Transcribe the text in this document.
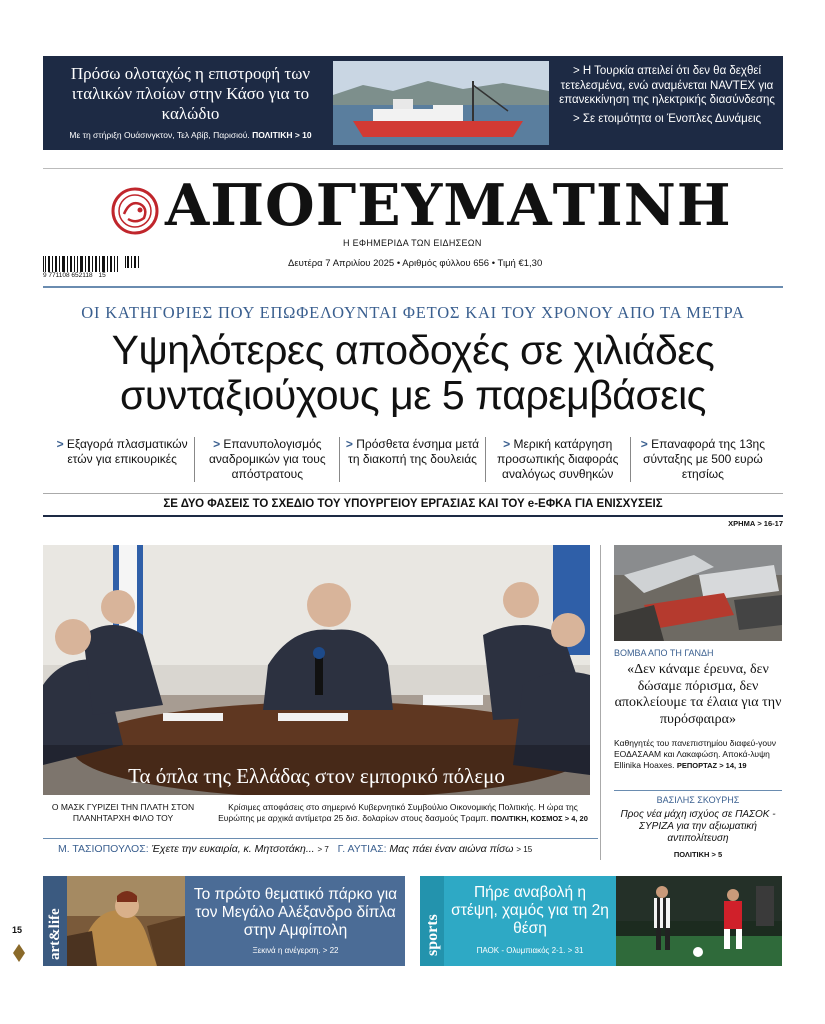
Πρόσω ολοταχώς η επιστροφή των ιταλικών πλοίων στην Κάσο για το καλώδιο
Με τη στήριξη Ουάσινγκτον, Τελ Αβίβ, Παρισιού. ΠΟΛΙΤΙΚΗ > 10
> Η Τουρκία απειλεί ότι δεν θα δεχθεί τετελεσμένα, ενώ αναμένεται NAVTEX για επανεκκίνηση της ηλεκτρικής διασύνδεσης
> Σε ετοιμότητα οι Ένοπλες Δυνάμεις
ΑΠΟΓΕΥΜΑΤΙΝΗ
Η ΕΦΗΜΕΡΙΔΑ ΤΩΝ ΕΙΔΗΣΕΩΝ
9 771108 652118 15
Δευτέρα 7 Απριλίου 2025 • Αριθμός φύλλου 656 • Τιμή €1,30
ΟΙ ΚΑΤΗΓΟΡΙΕΣ ΠΟΥ ΕΠΩΦΕΛΟΥΝΤΑΙ ΦΕΤΟΣ ΚΑΙ ΤΟΥ ΧΡΟΝΟΥ ΑΠΟ ΤΑ ΜΕΤΡΑ
Υψηλότερες αποδοχές σε χιλιάδες
συνταξιούχους με 5 παρεμβάσεις
> Εξαγορά πλασματικών ετών για επικουρικές
> Επανυπολογισμός αναδρομικών για τους απόστρατους
> Πρόσθετα ένσημα μετά τη διακοπή της δουλειάς
> Μερική κατάργηση προσωπικής διαφοράς αναλόγως συνθηκών
> Επαναφορά της 13ης σύνταξης με 500 ευρώ ετησίως
ΣΕ ΔΥΟ ΦΑΣΕΙΣ ΤΟ ΣΧΕΔΙΟ ΤΟΥ ΥΠΟΥΡΓΕΙΟΥ ΕΡΓΑΣΙΑΣ ΚΑΙ ΤΟΥ e-ΕΦΚΑ ΓΙΑ ΕΝΙΣΧΥΣΕΙΣ
ΧΡΗΜΑ > 16-17
Τα όπλα της Ελλάδας στον εμπορικό πόλεμο
Ο ΜΑΣΚ ΓΥΡΙΖΕΙ ΤΗΝ ΠΛΑΤΗ ΣΤΟΝ ΠΛΑΝΗΤΑΡΧΗ ΦΙΛΟ ΤΟΥ
Κρίσιμες αποφάσεις στο σημερινό Κυβερνητικό Συμβούλιο Οικονομικής Πολιτικής. Η ώρα της Ευρώπης με αρχικά αντίμετρα 25 δισ. δολαρίων στους δασμούς Τραμπ. ΠΟΛΙΤΙΚΗ, ΚΟΣΜΟΣ > 4, 20
Μ. ΤΑΣΙΟΠΟΥΛΟΣ: Έχετε την ευκαιρία, κ. Μητσοτάκη... > 7 Γ. ΑΥΤΙΑΣ: Μας πάει έναν αιώνα πίσω > 15
ΒΟΜΒΑ ΑΠΟ ΤΗ ΓΑΝΔΗ
«Δεν κάναμε έρευνα, δεν δώσαμε πόρισμα, δεν αποκλείουμε τα έλαια για την πυρόσφαιρα»
Καθηγητές του πανεπιστημίου διαφεύ-γουν ΕΟΔΑΣΑΑΜ και Λακαφώση. Αποκά-λυψη Ellinika Hoaxes. ΡΕΠΟΡΤΑΖ > 14, 19
ΒΑΣΙΛΗΣ ΣΚΟΥΡΗΣ
Προς νέα μάχη ισχύος σε ΠΑΣΟΚ - ΣΥΡΙΖΑ για την αξιωματική αντιπολίτευση
ΠΟΛΙΤΙΚΗ > 5
15 art&life
Το πρώτο θεματικό πάρκο για τον Μεγάλο Αλέξανδρο δίπλα στην Αμφίπολη
Ξεκινά η ανέγερση. > 22	sports
Πήρε αναβολή η στέψη, χαμός για τη 2η θέση
ΠΑΟΚ - Ολυμπιακός 2-1. > 31
